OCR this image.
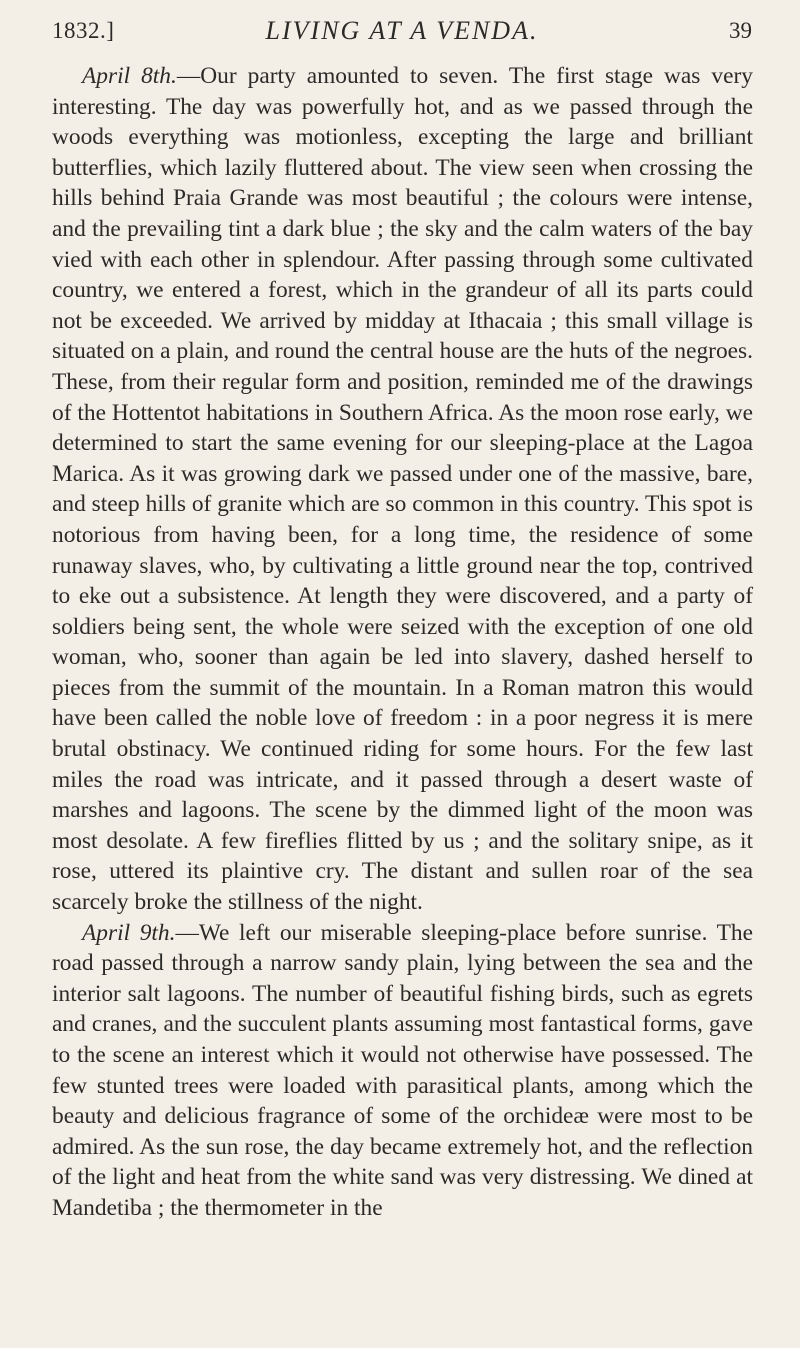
1832.]	LIVING AT A VENDA.	39

April 8th.—Our party amounted to seven. The first stage was very interesting. The day was powerfully hot, and as we passed through the woods everything was motionless, excepting the large and brilliant butterflies, which lazily fluttered about. The view seen when crossing the hills behind Praia Grande was most beautiful ; the colours were intense, and the prevailing tint a dark blue ; the sky and the calm waters of the bay vied with each other in splendour. After passing through some cultivated country, we entered a forest, which in the grandeur of all its parts could not be exceeded. We arrived by midday at Ithacaia ; this small village is situated on a plain, and round the central house are the huts of the negroes. These, from their regular form and position, reminded me of the drawings of the Hottentot habitations in Southern Africa. As the moon rose early, we determined to start the same evening for our sleeping-place at the Lagoa Marica. As it was growing dark we passed under one of the massive, bare, and steep hills of granite which are so common in this country. This spot is notorious from having been, for a long time, the residence of some runaway slaves, who, by cultivating a little ground near the top, contrived to eke out a subsistence. At length they were discovered, and a party of soldiers being sent, the whole were seized with the exception of one old woman, who, sooner than again be led into slavery, dashed herself to pieces from the summit of the mountain. In a Roman matron this would have been called the noble love of freedom : in a poor negress it is mere brutal obstinacy. We continued riding for some hours. For the few last miles the road was intricate, and it passed through a desert waste of marshes and lagoons. The scene by the dimmed light of the moon was most desolate. A few fireflies flitted by us ; and the solitary snipe, as it rose, uttered its plaintive cry. The distant and sullen roar of the sea scarcely broke the stillness of the night.

April 9th.—We left our miserable sleeping-place before sunrise. The road passed through a narrow sandy plain, lying between the sea and the interior salt lagoons. The number of beautiful fishing birds, such as egrets and cranes, and the succulent plants assuming most fantastical forms, gave to the scene an interest which it would not otherwise have possessed. The few stunted trees were loaded with parasitical plants, among which the beauty and delicious fragrance of some of the orchideæ were most to be admired. As the sun rose, the day became extremely hot, and the reflection of the light and heat from the white sand was very distressing. We dined at Mandetiba ; the thermometer in the
